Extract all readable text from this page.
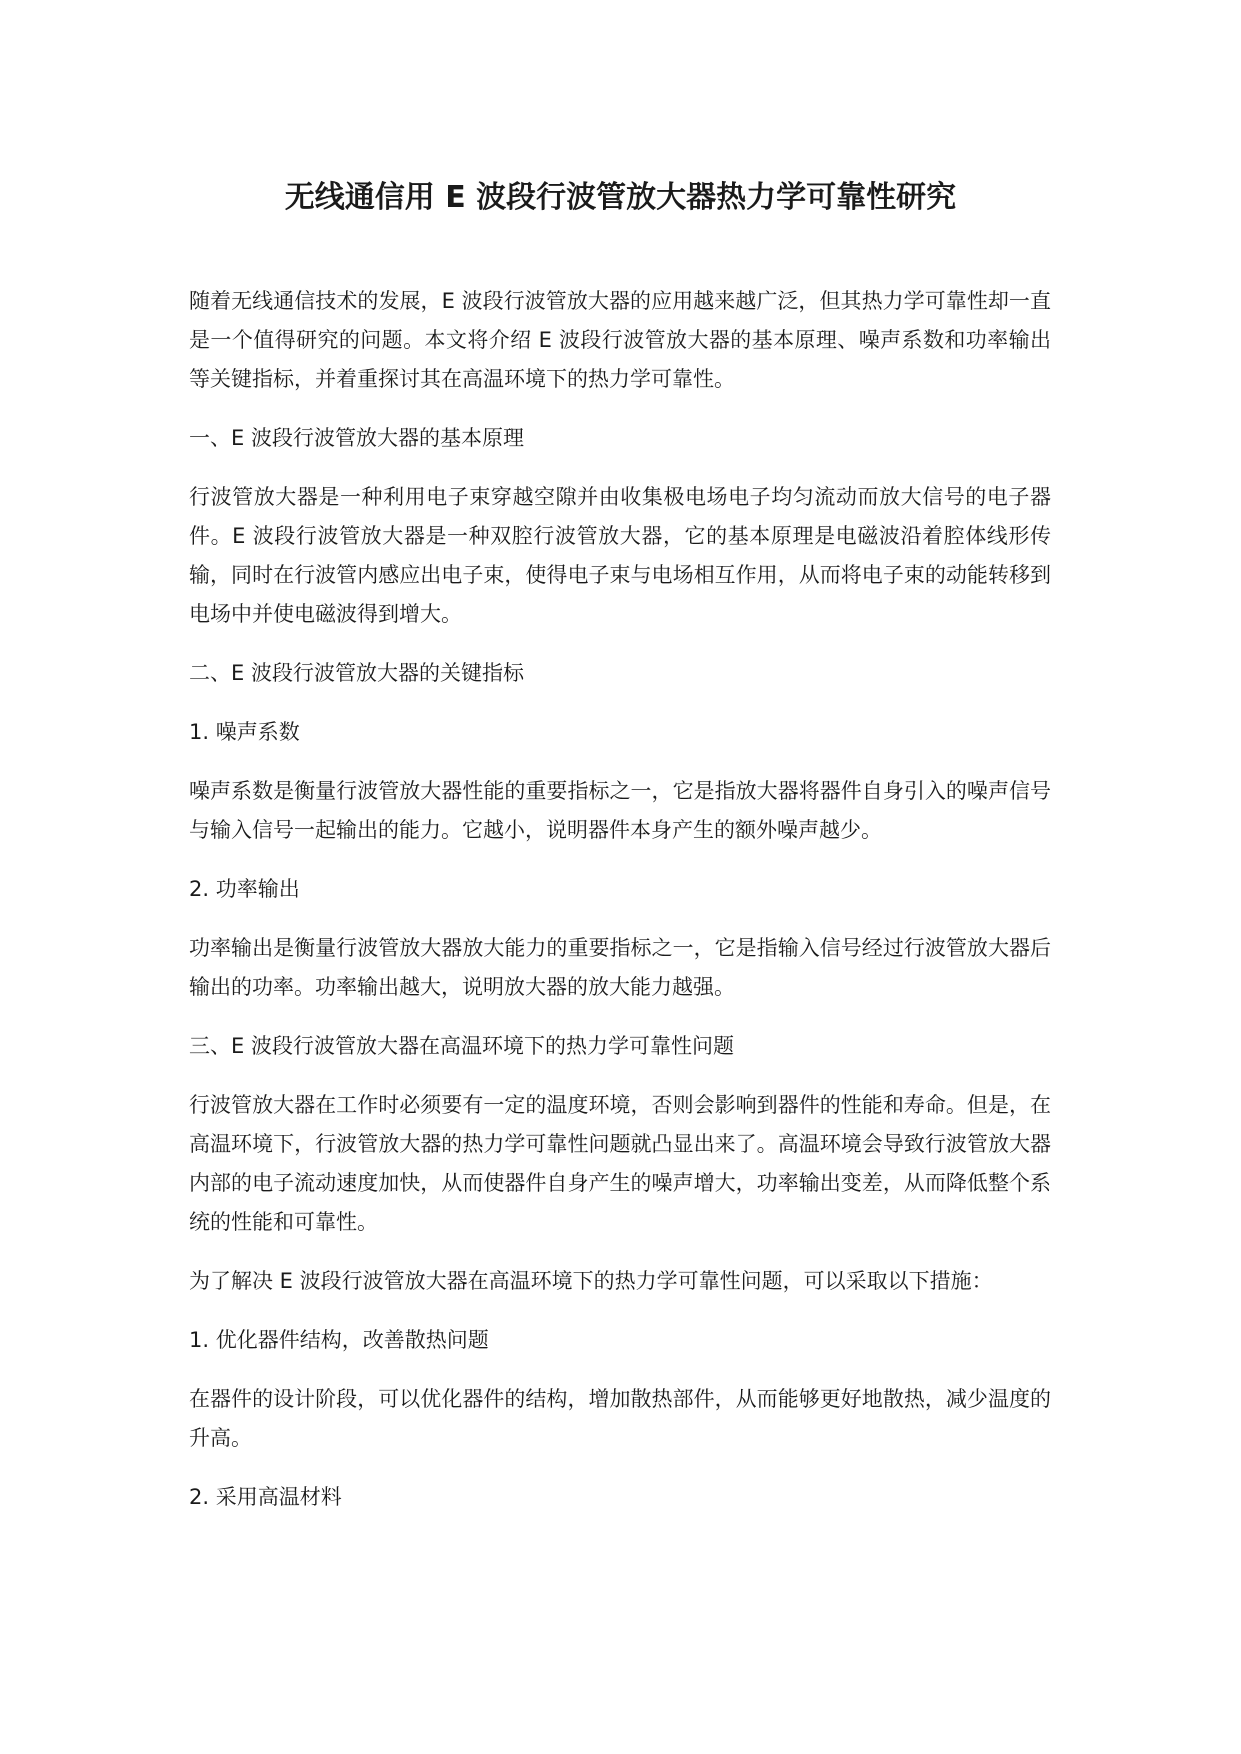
无线通信用 E 波段行波管放大器热力学可靠性研究

随着无线通信技术的发展，E 波段行波管放大器的应用越来越广泛，但其热力学可靠性却一直是一个值得研究的问题。本文将介绍 E 波段行波管放大器的基本原理、噪声系数和功率输出等关键指标，并着重探讨其在高温环境下的热力学可靠性。

一、E 波段行波管放大器的基本原理

行波管放大器是一种利用电子束穿越空隙并由收集极电场电子均匀流动而放大信号的电子器件。E 波段行波管放大器是一种双腔行波管放大器，它的基本原理是电磁波沿着腔体线形传输，同时在行波管内感应出电子束，使得电子束与电场相互作用，从而将电子束的动能转移到电场中并使电磁波得到增大。

二、E 波段行波管放大器的关键指标

1. 噪声系数

噪声系数是衡量行波管放大器性能的重要指标之一，它是指放大器将器件自身引入的噪声信号与输入信号一起输出的能力。它越小，说明器件本身产生的额外噪声越少。

2. 功率输出

功率输出是衡量行波管放大器放大能力的重要指标之一，它是指输入信号经过行波管放大器后输出的功率。功率输出越大，说明放大器的放大能力越强。

三、E 波段行波管放大器在高温环境下的热力学可靠性问题

行波管放大器在工作时必须要有一定的温度环境，否则会影响到器件的性能和寿命。但是，在高温环境下，行波管放大器的热力学可靠性问题就凸显出来了。高温环境会导致行波管放大器内部的电子流动速度加快，从而使器件自身产生的噪声增大，功率输出变差，从而降低整个系统的性能和可靠性。

为了解决 E 波段行波管放大器在高温环境下的热力学可靠性问题，可以采取以下措施：

1. 优化器件结构，改善散热问题

在器件的设计阶段，可以优化器件的结构，增加散热部件，从而能够更好地散热，减少温度的升高。

2. 采用高温材料
